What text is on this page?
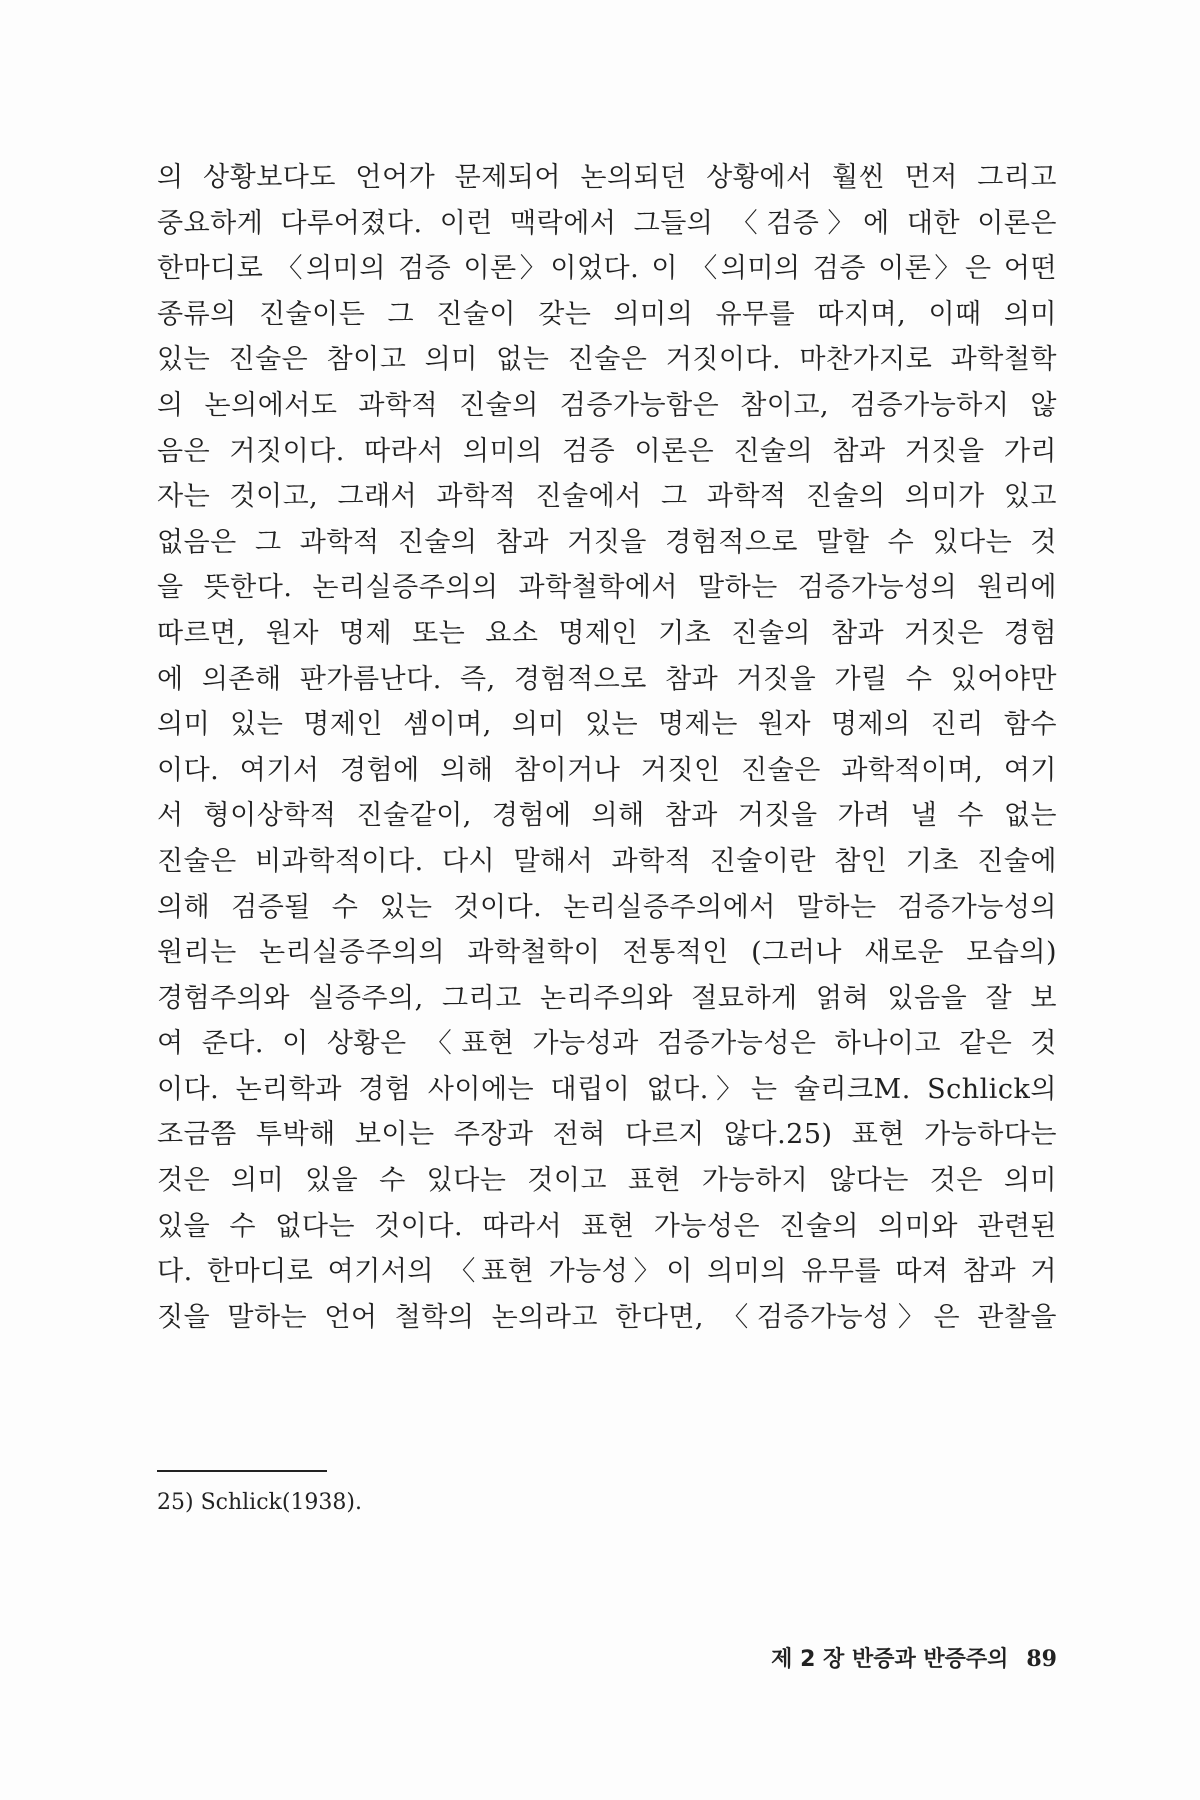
의 상황보다도 언어가 문제되어 논의되던 상황에서 훨씬 먼저 그리고
중요하게 다루어졌다. 이런 맥락에서 그들의 〈검증〉에 대한 이론은
한마디로 〈의미의 검증 이론〉이었다. 이 〈의미의 검증 이론〉은 어떤
종류의 진술이든 그 진술이 갖는 의미의 유무를 따지며, 이때 의미
있는 진술은 참이고 의미 없는 진술은 거짓이다. 마찬가지로 과학철학
의 논의에서도 과학적 진술의 검증가능함은 참이고, 검증가능하지 않
음은 거짓이다. 따라서 의미의 검증 이론은 진술의 참과 거짓을 가리
자는 것이고, 그래서 과학적 진술에서 그 과학적 진술의 의미가 있고
없음은 그 과학적 진술의 참과 거짓을 경험적으로 말할 수 있다는 것
을 뜻한다. 논리실증주의의 과학철학에서 말하는 검증가능성의 원리에
따르면, 원자 명제 또는 요소 명제인 기초 진술의 참과 거짓은 경험
에 의존해 판가름난다. 즉, 경험적으로 참과 거짓을 가릴 수 있어야만
의미 있는 명제인 셈이며, 의미 있는 명제는 원자 명제의 진리 함수
이다. 여기서 경험에 의해 참이거나 거짓인 진술은 과학적이며, 여기
서 형이상학적 진술같이, 경험에 의해 참과 거짓을 가려 낼 수 없는
진술은 비과학적이다. 다시 말해서 과학적 진술이란 참인 기초 진술에
의해 검증될 수 있는 것이다. 논리실증주의에서 말하는 검증가능성의
원리는 논리실증주의의 과학철학이 전통적인 (그러나 새로운 모습의)
경험주의와 실증주의, 그리고 논리주의와 절묘하게 얽혀 있음을 잘 보
여 준다. 이 상황은 〈표현 가능성과 검증가능성은 하나이고 같은 것
이다. 논리학과 경험 사이에는 대립이 없다.〉는 슐리크M. Schlick의
조금쯤 투박해 보이는 주장과 전혀 다르지 않다.25) 표현 가능하다는
것은 의미 있을 수 있다는 것이고 표현 가능하지 않다는 것은 의미
있을 수 없다는 것이다. 따라서 표현 가능성은 진술의 의미와 관련된
다. 한마디로 여기서의 〈표현 가능성〉이 의미의 유무를 따져 참과 거
짓을 말하는 언어 철학의 논의라고 한다면, 〈검증가능성〉은 관찰을
25) Schlick(1938).
제 2 장 반증과 반증주의 89
